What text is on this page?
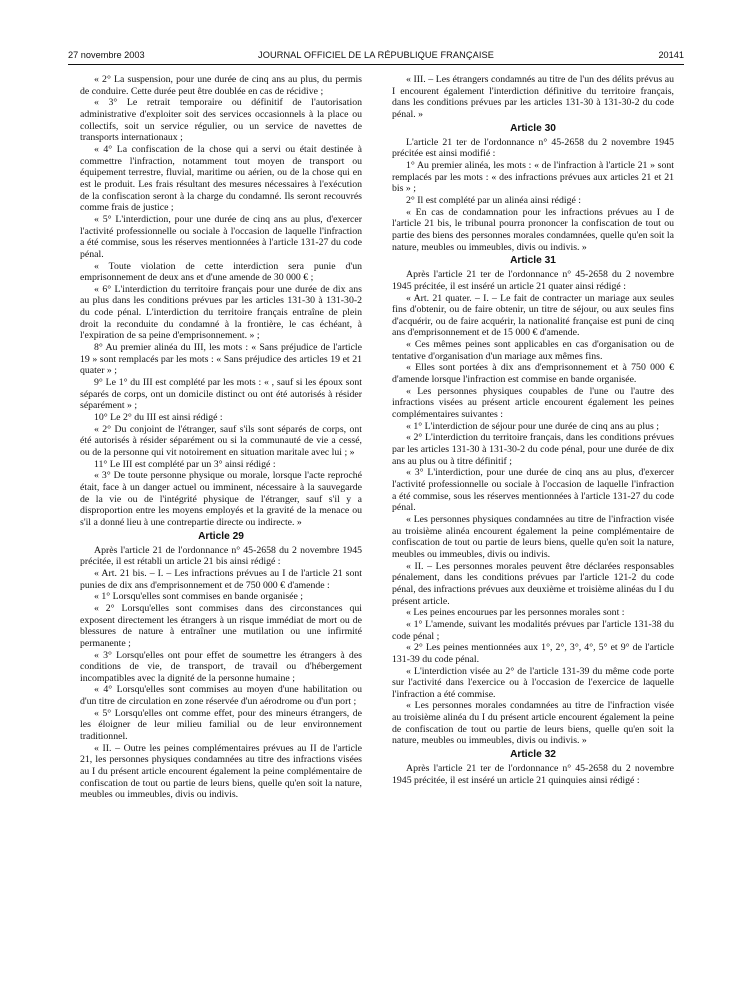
27 novembre 2003	JOURNAL OFFICIEL DE LA RÉPUBLIQUE FRANÇAISE	20141

« 2° La suspension, pour une durée de cinq ans au plus, du permis de conduire. Cette durée peut être doublée en cas de récidive ;

« 3° Le retrait temporaire ou définitif de l'autorisation administrative d'exploiter soit des services occasionnels à la place ou collectifs, soit un service régulier, ou un service de navettes de transports internationaux ;

« 4° La confiscation de la chose qui a servi ou était destinée à commettre l'infraction, notamment tout moyen de transport ou équipement terrestre, fluvial, maritime ou aérien, ou de la chose qui en est le produit. Les frais résultant des mesures nécessaires à l'exécution de la confiscation seront à la charge du condamné. Ils seront recouvrés comme frais de justice ;

« 5° L'interdiction, pour une durée de cinq ans au plus, d'exercer l'activité professionnelle ou sociale à l'occasion de laquelle l'infraction a été commise, sous les réserves mentionnées à l'article 131-27 du code pénal.

« Toute violation de cette interdiction sera punie d'un emprisonnement de deux ans et d'une amende de 30 000 € ;

« 6° L'interdiction du territoire français pour une durée de dix ans au plus dans les conditions prévues par les articles 131-30 à 131-30-2 du code pénal. L'interdiction du territoire français entraîne de plein droit la reconduite du condamné à la frontière, le cas échéant, à l'expiration de sa peine d'emprisonnement. » ;

8° Au premier alinéa du III, les mots : « Sans préjudice de l'article 19 » sont remplacés par les mots : « Sans préjudice des articles 19 et 21 quater » ;

9° Le 1° du III est complété par les mots : « , sauf si les époux sont séparés de corps, ont un domicile distinct ou ont été autorisés à résider séparément » ;

10° Le 2° du III est ainsi rédigé :

« 2° Du conjoint de l'étranger, sauf s'ils sont séparés de corps, ont été autorisés à résider séparément ou si la communauté de vie a cessé, ou de la personne qui vit notoirement en situation maritale avec lui ; »

11° Le III est complété par un 3° ainsi rédigé :

« 3° De toute personne physique ou morale, lorsque l'acte reproché était, face à un danger actuel ou imminent, nécessaire à la sauvegarde de la vie ou de l'intégrité physique de l'étranger, sauf s'il y a disproportion entre les moyens employés et la gravité de la menace ou s'il a donné lieu à une contrepartie directe ou indirecte. »

Article 29

Après l'article 21 de l'ordonnance n° 45-2658 du 2 novembre 1945 précitée, il est rétabli un article 21 bis ainsi rédigé :

« Art. 21 bis. – I. – Les infractions prévues au I de l'article 21 sont punies de dix ans d'emprisonnement et de 750 000 € d'amende :

« 1° Lorsqu'elles sont commises en bande organisée ;

« 2° Lorsqu'elles sont commises dans des circonstances qui exposent directement les étrangers à un risque immédiat de mort ou de blessures de nature à entraîner une mutilation ou une infirmité permanente ;

« 3° Lorsqu'elles ont pour effet de soumettre les étrangers à des conditions de vie, de transport, de travail ou d'hébergement incompatibles avec la dignité de la personne humaine ;

« 4° Lorsqu'elles sont commises au moyen d'une habilitation ou d'un titre de circulation en zone réservée d'un aérodrome ou d'un port ;

« 5° Lorsqu'elles ont comme effet, pour des mineurs étrangers, de les éloigner de leur milieu familial ou de leur environnement traditionnel.

« II. – Outre les peines complémentaires prévues au II de l'article 21, les personnes physiques condamnées au titre des infractions visées au I du présent article encourent également la peine complémentaire de confiscation de tout ou partie de leurs biens, quelle qu'en soit la nature, meubles ou immeubles, divis ou indivis.

« III. – Les étrangers condamnés au titre de l'un des délits prévus au I encourent également l'interdiction définitive du territoire français, dans les conditions prévues par les articles 131-30 à 131-30-2 du code pénal. »

Article 30

L'article 21 ter de l'ordonnance n° 45-2658 du 2 novembre 1945 précitée est ainsi modifié :

1° Au premier alinéa, les mots : « de l'infraction à l'article 21 » sont remplacés par les mots : « des infractions prévues aux articles 21 et 21 bis » ;

2° Il est complété par un alinéa ainsi rédigé :

« En cas de condamnation pour les infractions prévues au I de l'article 21 bis, le tribunal pourra prononcer la confiscation de tout ou partie des biens des personnes morales condamnées, quelle qu'en soit la nature, meubles ou immeubles, divis ou indivis. »

Article 31

Après l'article 21 ter de l'ordonnance n° 45-2658 du 2 novembre 1945 précitée, il est inséré un article 21 quater ainsi rédigé :

« Art. 21 quater. – I. – Le fait de contracter un mariage aux seules fins d'obtenir, ou de faire obtenir, un titre de séjour, ou aux seules fins d'acquérir, ou de faire acquérir, la nationalité française est puni de cinq ans d'emprisonnement et de 15 000 € d'amende.

« Ces mêmes peines sont applicables en cas d'organisation ou de tentative d'organisation d'un mariage aux mêmes fins.

« Elles sont portées à dix ans d'emprisonnement et à 750 000 € d'amende lorsque l'infraction est commise en bande organisée.

« Les personnes physiques coupables de l'une ou l'autre des infractions visées au présent article encourent également les peines complémentaires suivantes :

« 1° L'interdiction de séjour pour une durée de cinq ans au plus ;

« 2° L'interdiction du territoire français, dans les conditions prévues par les articles 131-30 à 131-30-2 du code pénal, pour une durée de dix ans au plus ou à titre définitif ;

« 3° L'interdiction, pour une durée de cinq ans au plus, d'exercer l'activité professionnelle ou sociale à l'occasion de laquelle l'infraction a été commise, sous les réserves mentionnées à l'article 131-27 du code pénal.

« Les personnes physiques condamnées au titre de l'infraction visée au troisième alinéa encourent également la peine complémentaire de confiscation de tout ou partie de leurs biens, quelle qu'en soit la nature, meubles ou immeubles, divis ou indivis.

« II. – Les personnes morales peuvent être déclarées responsables pénalement, dans les conditions prévues par l'article 121-2 du code pénal, des infractions prévues aux deuxième et troisième alinéas du I du présent article.

« Les peines encourues par les personnes morales sont :

« 1° L'amende, suivant les modalités prévues par l'article 131-38 du code pénal ;

« 2° Les peines mentionnées aux 1°, 2°, 3°, 4°, 5° et 9° de l'article 131-39 du code pénal.

« L'interdiction visée au 2° de l'article 131-39 du même code porte sur l'activité dans l'exercice ou à l'occasion de l'exercice de laquelle l'infraction a été commise.

« Les personnes morales condamnées au titre de l'infraction visée au troisième alinéa du I du présent article encourent également la peine de confiscation de tout ou partie de leurs biens, quelle qu'en soit la nature, meubles ou immeubles, divis ou indivis. »

Article 32

Après l'article 21 ter de l'ordonnance n° 45-2658 du 2 novembre 1945 précitée, il est inséré un article 21 quinquies ainsi rédigé :
